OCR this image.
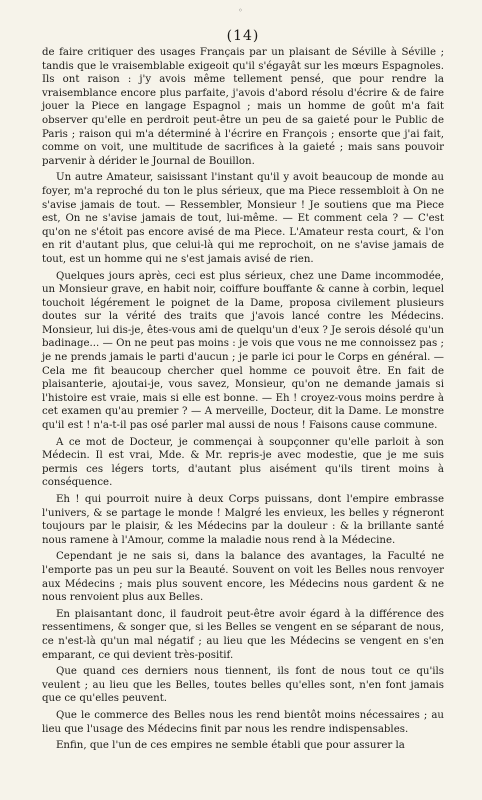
◦
(14)

de faire critiquer des usages Français par un plaisant de Séville à Séville ; tandis que le vraisemblable exigeoit qu'il s'égayât sur les mœurs Espagnoles. Ils ont raison : j'y avois même tellement pensé, que pour rendre la vraisemblance encore plus parfaite, j'avois d'abord résolu d'écrire & de faire jouer la Piece en langage Espagnol ; mais un homme de goût m'a fait observer qu'elle en perdroit peut-être un peu de sa gaieté pour le Public de Paris ; raison qui m'a déterminé à l'écrire en François ; ensorte que j'ai fait, comme on voit, une multitude de sacrifices à la gaieté ; mais sans pouvoir parvenir à dérider le Journal de Bouillon.

Un autre Amateur, saisissant l'instant qu'il y avoit beaucoup de monde au foyer, m'a reproché du ton le plus sérieux, que ma Piece ressembloit à On ne s'avise jamais de tout. — Ressembler, Monsieur ! Je soutiens que ma Piece est, On ne s'avise jamais de tout, lui-même. — Et comment cela ? — C'est qu'on ne s'étoit pas encore avisé de ma Piece. L'Amateur resta court, & l'on en rit d'autant plus, que celui-là qui me reprochoit, on ne s'avise jamais de tout, est un homme qui ne s'est jamais avisé de rien.

Quelques jours après, ceci est plus sérieux, chez une Dame incommodée, un Monsieur grave, en habit noir, coiffure bouffante & canne à corbin, lequel touchoit légérement le poignet de la Dame, proposa civilement plusieurs doutes sur la vérité des traits que j'avois lancé contre les Médecins. Monsieur, lui dis-je, êtes-vous ami de quelqu'un d'eux ? Je serois désolé qu'un badinage... — On ne peut pas moins : je vois que vous ne me connoissez pas ; je ne prends jamais le parti d'aucun ; je parle ici pour le Corps en général. — Cela me fit beaucoup chercher quel homme ce pouvoit être. En fait de plaisanterie, ajoutai-je, vous savez, Monsieur, qu'on ne demande jamais si l'histoire est vraie, mais si elle est bonne. — Eh ! croyez-vous moins perdre à cet examen qu'au premier ? — A merveille, Docteur, dit la Dame. Le monstre qu'il est ! n'a-t-il pas osé parler mal aussi de nous ! Faisons cause commune.

A ce mot de Docteur, je commençai à soupçonner qu'elle parloit à son Médecin. Il est vrai, Mde. & Mr. repris-je avec modestie, que je me suis permis ces légers torts, d'autant plus aisément qu'ils tirent moins à conséquence.

Eh ! qui pourroit nuire à deux Corps puissans, dont l'empire embrasse l'univers, & se partage le monde ! Malgré les envieux, les belles y régneront toujours par le plaisir, & les Médecins par la douleur : & la brillante santé nous ramene à l'Amour, comme la maladie nous rend à la Médecine.

Cependant je ne sais si, dans la balance des avantages, la Faculté ne l'emporte pas un peu sur la Beauté. Souvent on voit les Belles nous renvoyer aux Médecins ; mais plus souvent encore, les Médecins nous gardent & ne nous renvoient plus aux Belles.

En plaisantant donc, il faudroit peut-être avoir égard à la différence des ressentimens, & songer que, si les Belles se vengent en se séparant de nous, ce n'est-là qu'un mal négatif ; au lieu que les Médecins se vengent en s'en emparant, ce qui devient très-positif.

Que quand ces derniers nous tiennent, ils font de nous tout ce qu'ils veulent ; au lieu que les Belles, toutes belles qu'elles sont, n'en font jamais que ce qu'elles peuvent.

Que le commerce des Belles nous les rend bientôt moins nécessaires ; au lieu que l'usage des Médecins finit par nous les rendre indispensables.

Enfin, que l'un de ces empires ne semble établi que pour assurer la
